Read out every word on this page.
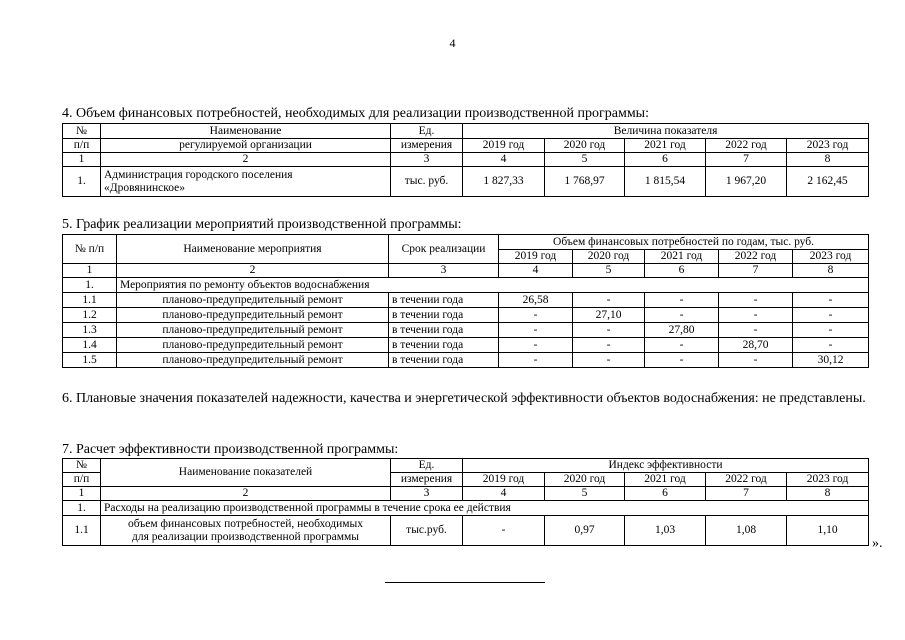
4
4. Объем финансовых потребностей, необходимых для реализации производственной программы:
№	Наименование	Ед.	Величина показателя				
п/п	регулируемой организации	измерения	2019 год	2020 год	2021 год	2022 год	2023 год
1	2	3	4	5	6	7	8
1.	Администрация городского поселения
«Дровянинское»	тыс. руб.	1 827,33	1 768,97	1 815,54	1 967,20	2 162,45
5. График реализации мероприятий производственной программы:
№ п/п	Наименование мероприятия	Срок реализации	Объем финансовых потребностей по годам, тыс. руб.				
			2019 год	2020 год	2021 год	2022 год	2023 год
1	2	3	4	5	6	7	8
1.	Мероприятия по ремонту объектов водоснабжения						
1.1	планово-предупредительный ремонт	в течении года	26,58	-	-	-	-
1.2	планово-предупредительный ремонт	в течении года	-	27,10	-	-	-
1.3	планово-предупредительный ремонт	в течении года	-	-	27,80	-	-
1.4	планово-предупредительный ремонт	в течении года	-	-	-	28,70	-
1.5	планово-предупредительный ремонт	в течении года	-	-	-	-	30,12
6. Плановые значения показателей надежности, качества и энергетической эффективности объектов водоснабжения: не представлены.
7. Расчет эффективности производственной программы:
№	Наименование показателей	Ед.	Индекс эффективности				
п/п		измерения	2019 год	2020 год	2021 год	2022 год	2023 год
1	2	3	4	5	6	7	8
1.	Расходы на реализацию производственной программы в течение срока ее действия						
1.1	объем финансовых потребностей, необходимых
для реализации производственной программы	тыс.руб.	-	0,97	1,03	1,08	1,10
».
